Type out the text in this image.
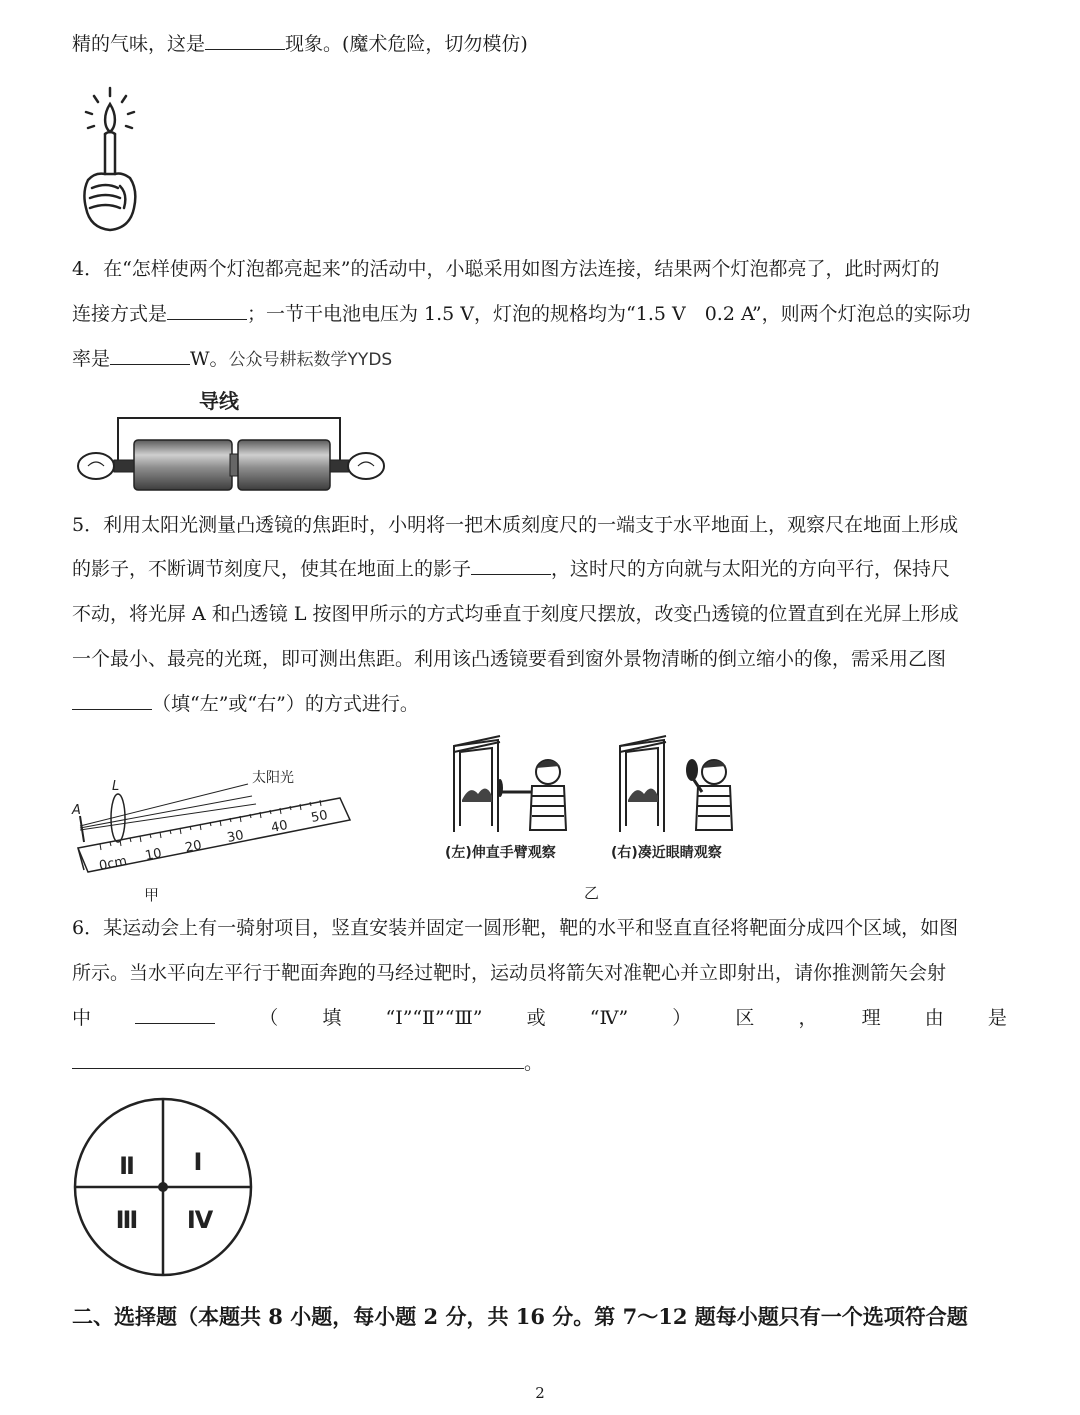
精的气味，这是	现象。(魔术危险，切勿模仿)
4．在“怎样使两个灯泡都亮起来”的活动中，小聪采用如图方法连接，结果两个灯泡都亮了，此时两灯的
连接方式是	；一节干电池电压为 1.5 V，灯泡的规格均为“1.5 V　0.2 A”，则两个灯泡总的实际功
率是	W。公众号耕耘数学YYDS
导线
5．利用太阳光测量凸透镜的焦距时，小明将一把木质刻度尺的一端支于水平地面上，观察尺在地面上形成
的影子，不断调节刻度尺，使其在地面上的影子	，这时尺的方向就与太阳光的方向平行，保持尺
不动，将光屏 A 和凸透镜 L 按图甲所示的方式均垂直于刻度尺摆放，改变凸透镜的位置直到在光屏上形成
一个最小、最亮的光斑，即可测出焦距。利用该凸透镜要看到窗外景物清晰的倒立缩小的像，需采用乙图
（填“左”或“右”）的方式进行。
0cm 10 20
30
40
50
太阳光
L
A
甲
(左)伸直手臂观察	(右)凑近眼睛观察
乙
6．某运动会上有一骑射项目，竖直安装并固定一圆形靶，靶的水平和竖直直径将靶面分成四个区域，如图
所示。当水平向左平行于靶面奔跑的马经过靶时，运动员将箭矢对准靶心并立即射出，请你推测箭矢会射
中	（ 填 “Ⅰ”“Ⅱ”“Ⅲ” 或 “Ⅳ” ） 区 ， 理 由 是
。
Ⅱ Ⅰ
Ⅲ Ⅳ
二、选择题（本题共 8 小题，每小题 2 分，共 16 分。第 7～12 题每小题只有一个选项符合题
2
